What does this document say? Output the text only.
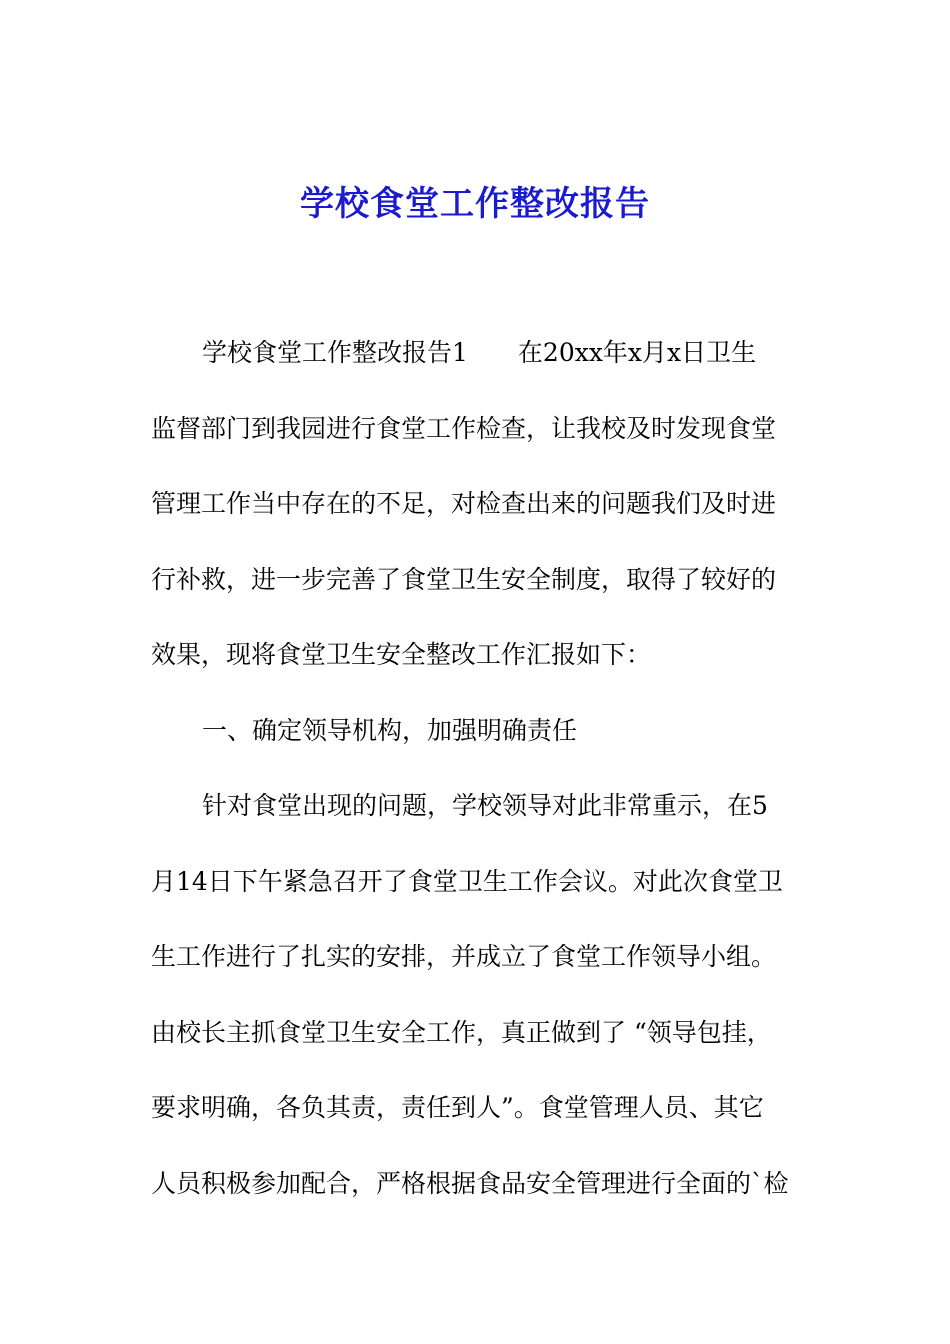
学校食堂工作整改报告
学校食堂工作整改报告1　　在20xx年x月x日卫生
监督部门到我园进行食堂工作检查，让我校及时发现食堂
管理工作当中存在的不足，对检查出来的问题我们及时进
行补救，进一步完善了食堂卫生安全制度，取得了较好的
效果，现将食堂卫生安全整改工作汇报如下：
一、确定领导机构，加强明确责任
针对食堂出现的问题，学校领导对此非常重示，在5
月14日下午紧急召开了食堂卫生工作会议。对此次食堂卫
生工作进行了扎实的安排，并成立了食堂工作领导小组。
由校长主抓食堂卫生安全工作，真正做到了 “领导包挂，
要求明确，各负其责，责任到人”。食堂管理人员、其它
人员积极参加配合，严格根据食品安全管理进行全面的`检
